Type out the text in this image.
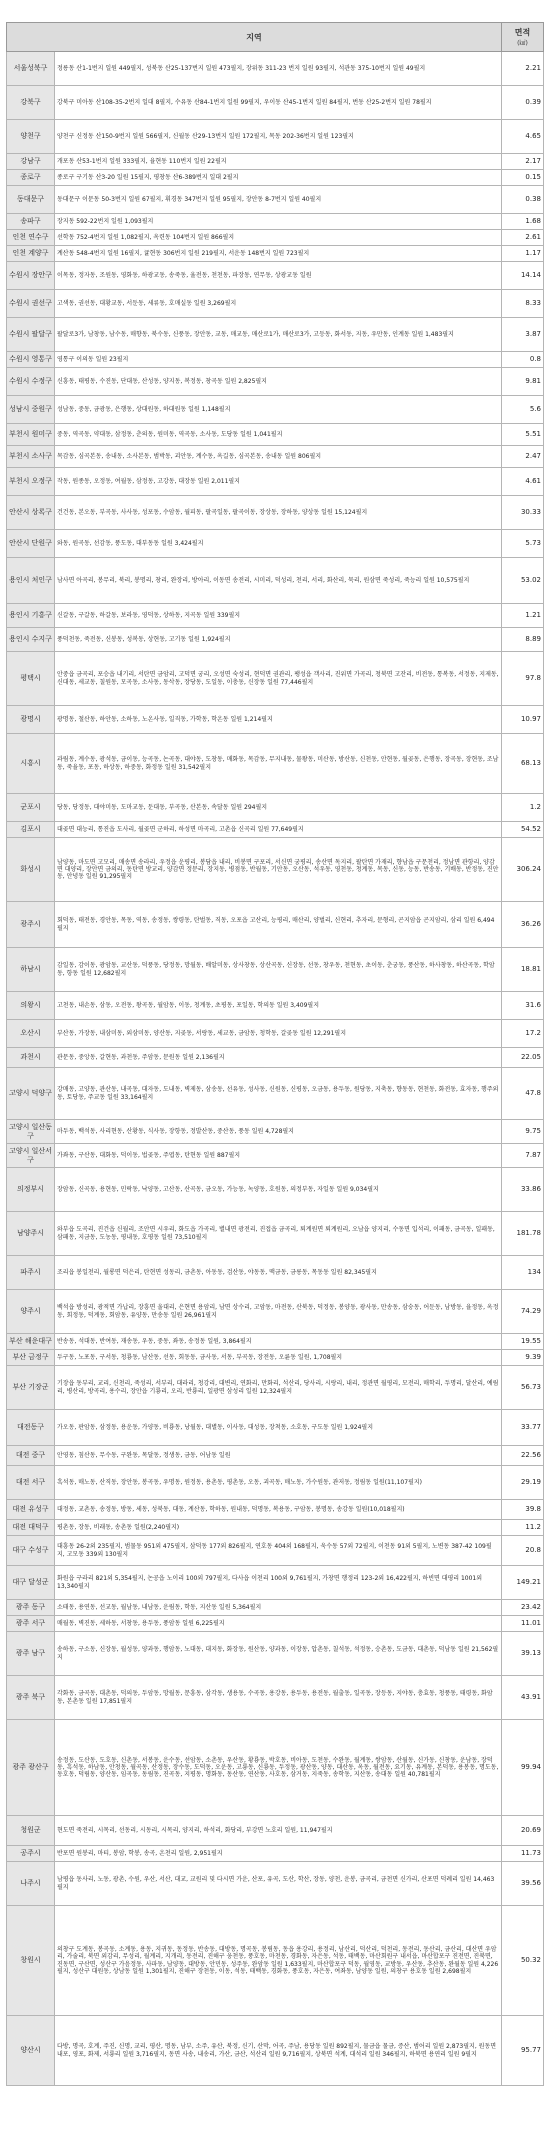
지역		면적
(㎢)

서울성북구	정릉동 산1-1번지 일원 449필지, 성북동 산25-137번지 일원 473필지, 장위동 311-23 번지 일원 93필지, 석관동 375-10번지 일원 49필지	2.21
강북구	강북구 미아동 산108-35-2번지 일대 8필지, 수유동 산84-1번지 일원 99필지, 우이동 산45-1번지 일원 84필지, 번동 산25-2번지 일원 78필지	0.39
양천구	양천구 신정동 산150-9번지 일원 566필지, 신월동 산29-13번지 일원 172필지, 목동 202-36번지 일원 123필지	4.65
강남구	개포동 산53-1번지 일원 333필지, 율현동 110번지 일원 22필지	2.17
종로구	종로구 구기동 산3-20 일원 15필지, 평창동 산6-389번지 일대 2필지	0.15
동대문구	동대문구 이문동 50-3번지 일원 67필지, 휘경동 347번지 일원 95필지, 장안동 8-7번지 일원 40필지	0.38
송파구	장지동 592-22번지 일원 1,093필지	1.68
인천 연수구	선학동 752-4번지 일원 1,082필지, 옥련동 104번지 일원 866필지	2.61
인천 계양구	계산동 548-4번지 일원 16필지, 귤현동 306번지 일원 219필지, 서운동 148번지 일원 723필지	1.17
수원시 장안구	이목동, 정자동, 조원동, 영화동, 하광교동, 송죽동, 율전동, 천천동, 파장동, 연무동, 상광교동 일원	14.14
수원시 권선구	고색동, 권선동, 대황교동, 서둔동, 세류동, 호매실동 일원 3,269필지	8.33
수원시 팔달구	팔달로3가, 남창동, 남수동, 매향동, 북수동, 신풍동, 장안동, 교동, 매교동, 매산로1가, 매산로3가, 고등동, 화서동, 지동, 우만동, 인계동 일원 1,483필지	3.87
수원시 영통구	영통구 이의동 일원 23필지	0.8
수원시 수정구	신흥동, 태평동, 수진동, 단대동, 산성동, 양지동, 복정동, 창곡동 일원 2,825필지	9.81
성남시 중원구	성남동, 중동, 금광동, 은행동, 상대원동, 하대원동 일원 1,148필지	5.6
부천시 원미구	중동, 역곡동, 약대동, 삼정동, 춘의동, 원미동, 역곡동, 소사동, 도당동 일원 1,041필지	5.51
부천시 소사구	목감동, 심곡본동, 송내동, 소사본동, 범박동, 괴안동, 계수동, 옥길동, 심곡본동, 송내동 일원 806필지	2.47
부천시 오정구	작동, 원종동, 오정동, 여월동, 삼정동, 고강동, 대장동 일원 2,011필지	4.61
안산시 상록구	건건동, 본오동, 부곡동, 사사동, 성포동, 수암동, 월피동, 팔곡일동, 팔곡이동, 장상동, 장하동, 양상동 일원 15,124필지	30.33
안산시 단원구	와동, 원곡동, 선감동, 풍도동, 대부동동 일원 3,424필지	5.73
용인시 처인구	남사면 아곡리, 봉무리, 북리, 봉명리, 창리, 완장리, 방아리, 이동면 송전리, 시미리, 덕성리, 천리, 서리, 화산리, 묵리, 원삼면 죽성리, 죽능리 일원 10,575필지	53.02
용인시 기흥구	신갈동, 구갈동, 하갈동, 보라동, 영덕동, 상하동, 지곡동 일원 339필지	1.21
용인시 수지구	풍덕천동, 죽전동, 신봉동, 성복동, 상현동, 고기동 일원 1,924필지	8.89
평택시	안중읍 금곡리, 포승읍 내기리, 서탄면 금암리, 고덕면 궁리, 오성면 숙성리, 현덕면 권관리, 팽성읍 객사리, 진위면 가곡리, 청북면 고잔리, 비전동, 통복동, 서정동, 지제동, 신대동, 세교동, 칠원동, 모곡동, 소사동, 동삭동, 장당동, 도일동, 이충동, 신장동 일원 77,446필지	97.8
광명시	광명동, 철산동, 하안동, 소하동, 노온사동, 일직동, 가학동, 학온동 일원 1,214필지	10.97
시흥시	과림동, 계수동, 광석동, 금이동, 능곡동, 논곡동, 대야동, 도창동, 매화동, 목감동, 무지내동, 물왕동, 미산동, 방산동, 신천동, 안현동, 월곶동, 은행동, 장곡동, 장현동, 조남동, 죽율동, 포동, 하상동, 하중동, 화정동 일원 31,542필지	68.13
군포시	당동, 당정동, 대야미동, 도마교동, 둔대동, 부곡동, 산본동, 속달동 일원 294필지	1.2
김포시	대곶면 대능리, 통진읍 도사리, 월곶면 군하리, 하성면 마곡리, 고촌읍 신곡리 일원 77,649필지	54.52
화성시	남양동, 마도면 고모리, 매송면 송라리, 우정읍 운평리, 봉담읍 내리, 비봉면 구포리, 서신면 궁평리, 송산면 독지리, 팔탄면 가재리, 향남읍 구문천리, 정남면 관항리, 양감면 대양리, 장안면 금의리, 동탄면 방교리, 양감면 정문리, 장지동, 병점동, 반월동, 기안동, 오산동, 석우동, 영천동, 청계동, 목동, 신동, 능동, 반송동, 기배동, 반정동, 진안동, 안녕동 일원 91,295필지	306.24
광주시	회덕동, 태전동, 경안동, 목동, 역동, 송정동, 쌍령동, 탄벌동, 직동, 오포읍 고산리, 능평리, 매산리, 양벌리, 신현리, 추자리, 문형리, 곤지암읍 곤지암리, 삼리 일원 6,494필지	36.26
하남시	감일동, 감이동, 광암동, 교산동, 덕풍동, 당정동, 망월동, 배알미동, 상사창동, 상산곡동, 신장동, 선동, 창우동, 천현동, 초이동, 춘궁동, 풍산동, 하사창동, 하산곡동, 학암동, 항동 일원 12,682필지	18.81
의왕시	고천동, 내손동, 삼동, 오전동, 왕곡동, 월암동, 이동, 청계동, 초평동, 포일동, 학의동 일원 3,409필지	31.6
오산시	부산동, 가장동, 내삼미동, 외삼미동, 양산동, 지곶동, 서랑동, 세교동, 금암동, 청학동, 갈곶동 일원 12,291필지	17.2
과천시	관문동, 중앙동, 갈현동, 과천동, 주암동, 문원동 일원 2,136필지	22.05
고양시 덕양구	강매동, 고양동, 관산동, 내곡동, 대자동, 도내동, 벽제동, 삼송동, 선유동, 성사동, 신원동, 신평동, 오금동, 용두동, 원당동, 지축동, 향동동, 현천동, 화전동, 효자동, 행주외동, 토당동, 주교동 일원 33,164필지	47.8
고양시 일산동구	마두동, 백석동, 사리현동, 산황동, 식사동, 장항동, 정발산동, 중산동, 풍동 일원 4,728필지	9.75
고양시 일산서구	가좌동, 구산동, 대화동, 덕이동, 법곶동, 주엽동, 탄현동 일원 887필지	7.87
의정부시	장암동, 신곡동, 용현동, 민락동, 낙양동, 고산동, 산곡동, 금오동, 가능동, 녹양동, 호원동, 의정부동, 자일동 일원 9,034필지	33.86
남양주시	와부읍 도곡리, 진건읍 신월리, 조안면 시우리, 화도읍 가곡리, 별내면 광전리, 진접읍 금곡리, 퇴계원면 퇴계원리, 오남읍 양지리, 수동면 입석리, 이패동, 금곡동, 일패동, 삼패동, 지금동, 도농동, 평내동, 호평동 일원 73,510필지	181.78
파주시	조리읍 봉일천리, 월롱면 덕은리, 탄현면 성동리, 금촌동, 아동동, 검산동, 야동동, 맥금동, 금릉동, 목동동 일원 82,345필지	134
양주시	백석읍 방성리, 광적면 가납리, 장흥면 울대리, 은현면 용암리, 남면 상수리, 고암동, 마전동, 산북동, 덕정동, 봉양동, 광사동, 만송동, 삼숭동, 어둔동, 남방동, 율정동, 옥정동, 회정동, 덕계동, 회암동, 유양동, 만송동 일원 26,961필지	74.29
부산 해운대구	반송동, 석대동, 반여동, 재송동, 우동, 중동, 좌동, 송정동 일원, 3,864필지	19.55
부산 금정구	두구동, 노포동, 구서동, 청룡동, 남산동, 선동, 회동동, 금사동, 서동, 부곡동, 장전동, 오륜동 일원, 1,708필지	9.39
부산 기장군	기장읍 동부리, 교리, 신천리, 죽성리, 서부리, 대라리, 청강리, 대변리, 연화리, 만화리, 석산리, 당사리, 시랑리, 내리, 정관면 월평리, 모전리, 매학리, 두명리, 달산리, 예림리, 병산리, 방곡리, 용수리, 장안읍 기룡리, 오리, 반룡리, 일광면 삼성리 일원 12,324필지	56.73
대전동구	가오동, 판암동, 삼정동, 용운동, 가양동, 비룡동, 낭월동, 대별동, 이사동, 대성동, 장척동, 소호동, 구도동 일원 1,924필지	33.77
대전 중구	안영동, 침산동, 무수동, 구완동, 목달동, 정생동, 금동, 어남동 일원	22.56
대전 서구	흑석동, 매노동, 산직동, 장안동, 봉곡동, 우명동, 원정동, 용촌동, 평촌동, 오동, 괴곡동, 매노동, 가수원동, 관저동, 정림동 일원(11,107필지)	29.19
대전 유성구	대정동, 교촌동, 송정동, 방동, 세동, 성북동, 대동, 계산동, 학하동, 원내동, 덕명동, 복용동, 구암동, 봉명동, 송강동 일원(10,018필지)	39.8
대전 대덕구	평촌동, 장동, 비래동, 송촌동 일원(2,240필지)	11.2
대구 수성구	대흥동 26-2외 235필지, 범물동 951외 475필지, 삼덕동 177외 826필지, 연호동 404외 168필지, 욱수동 57외 72필지, 이천동 91외 5필지, 노변동 387-42 109필지, 고모동 339외 130필지	20.8
대구 달성군	화원읍 구라리 821외 5,354필지, 논공읍 노이리 100외 797필지, 다사읍 이천리 100외 9,761필지, 가창면 행정리 123-2외 16,422필지, 하빈면 대평리 1001외 13,340필지	149.21
광주 동구	소태동, 용연동, 선교동, 월남동, 내남동, 운림동, 학동, 지산동 일원 5,364필지	23.42
광주 서구	매월동, 벽진동, 세하동, 서창동, 용두동, 풍암동 일원 6,225필지	11.01
광주 남구	송하동, 구소동, 신장동, 월성동, 양과동, 행암동, 노대동, 대지동, 화장동, 원산동, 양과동, 이장동, 압촌동, 칠석동, 석정동, 승촌동, 도금동, 대촌동, 덕남동 일원 21,562필지	39.13
광주 북구	각화동, 금곡동, 대촌동, 덕의동, 두암동, 망월동, 문흥동, 삼각동, 생용동, 수곡동, 용강동, 용두동, 용전동, 월출동, 일곡동, 장등동, 지야동, 충효동, 청풍동, 태령동, 화암동, 본촌동 일원 17,851필지	43.91
광주 광산구	송정동, 도산동, 도호동, 신촌동, 서봉동, 운수동, 선암동, 소촌동, 우산동, 황룡동, 박호동, 비아동, 도천동, 수완동, 월계동, 쌍암동, 산월동, 신가동, 신창동, 운남동, 장덕동, 흑석동, 하남동, 안청동, 월곡동, 산정동, 장수동, 도덕동, 오운동, 고룡동, 신룡동, 두정동, 광산동, 양동, 대산동, 옥동, 월전동, 요기동, 유계동, 본덕동, 용봉동, 명도동, 동호동, 덕림동, 양산동, 임곡동, 동림동, 진곡동, 지평동, 명화동, 동산동, 연산동, 사호동, 삼거동, 지죽동, 송학동, 지산동, 송대동 일원 40,781필지	99.94
청원군	현도면 죽전리, 시목리, 선동리, 시동리, 시목리, 양지리, 하석리, 화당리, 부강면 노호리 일원, 11,947필지	20.69
공주시	반포면 원봉리, 마티, 봉암, 학봉, 송곡, 온천리 일원, 2,951필지	11.73
나주시	남평읍 동사리, 노동, 광촌, 수원, 우산, 서산, 대교, 교원리 및 다시면 가운, 산포, 유곡, 도산, 학산, 장동, 양천, 운봉, 금곡리, 금천면 신가리, 산포면 덕례리 일원 14,463필지	39.56
창원시	의창구 도계동, 봉곡동, 소계동, 용동, 지귀동, 동정동, 반송동, 대방동, 명곡동, 봉림동, 동읍 용강리, 용정리, 남산리, 덕산리, 덕천리, 동전리, 동산리, 금산리, 대산면 우암리, 가술리, 북면 외감리, 무성리, 월계리, 지개리, 동전리, 진해구 웅천동, 풍호동, 마천동, 경화동, 자은동, 석동, 태백동, 마산회원구 내서읍, 마산합포구 진전면, 진북면, 진동면, 구산면, 성산구 가음정동, 사파동, 남양동, 대방동, 안민동, 성주동, 완암동 일원 1,633필지, 마산합포구 덕동, 월영동, 교방동, 우산동, 추산동, 완월동 일원 4,226필지, 성산구 대원동, 상남동 일원 1,301필지, 진해구 장천동, 이동, 석동, 태백동, 경화동, 풍호동, 자은동, 여좌동, 남양동 일원, 의창구 용호동 일원 2,698필지	50.32
양산시	다방, 명곡, 호계, 주진, 신명, 교리, 평산, 명동, 남부, 소주, 유산, 북정, 신기, 산막, 어곡, 주남, 용당동 일원 892필지, 물금읍 물금, 증산, 범어리 일원 2,873필지, 원동면 내포, 영포, 화제, 서룡리 일원 3,716필지, 동면 사송, 내송리, 가산, 금산, 석산리 일원 9,716필지, 상북면 석계, 대석리 일원 346필지, 하북면 용연리 일원 9필지	95.77
